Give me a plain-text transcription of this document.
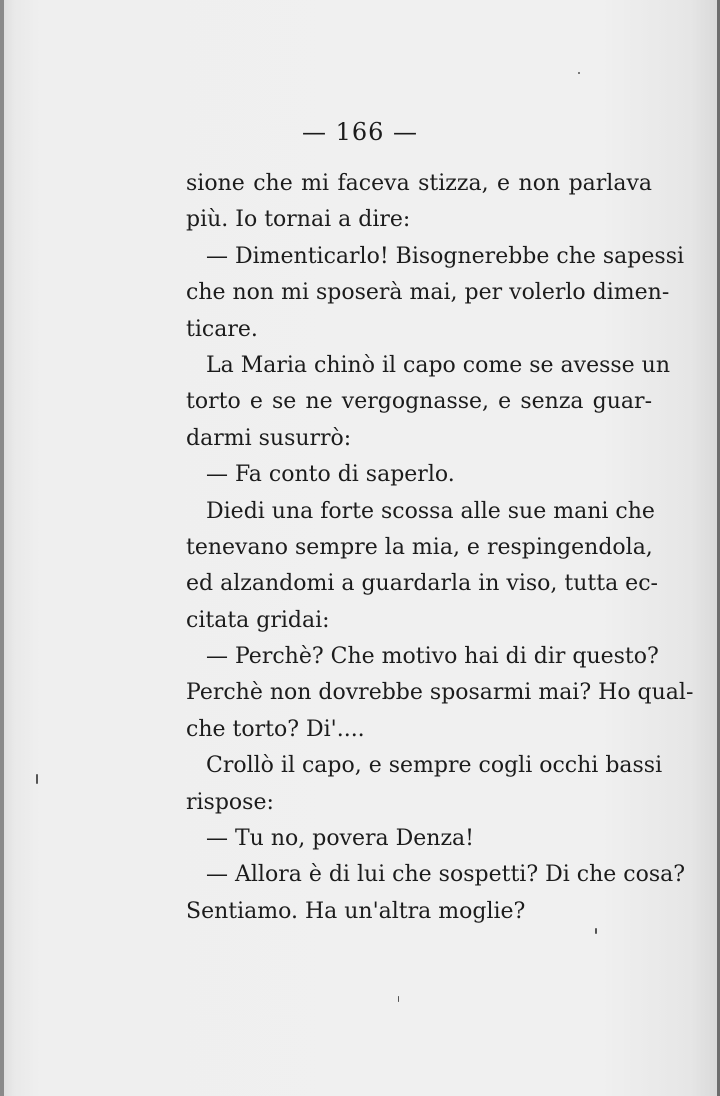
— 166 —
sione che mi faceva stizza, e non parlava
più. Io tornai a dire:
— Dimenticarlo! Bisognerebbe che sapessi
che non mi sposerà mai, per volerlo dimen-
ticare.
La Maria chinò il capo come se avesse un
torto e se ne vergognasse, e senza guar-
darmi susurrò:
— Fa conto di saperlo.
Diedi una forte scossa alle sue mani che
tenevano sempre la mia, e respingendola,
ed alzandomi a guardarla in viso, tutta ec-
citata gridai:
— Perchè? Che motivo hai di dir questo?
Perchè non dovrebbe sposarmi mai? Ho qual-
che torto? Di'....
Crollò il capo, e sempre cogli occhi bassi
rispose:
— Tu no, povera Denza!
— Allora è di lui che sospetti? Di che cosa?
Sentiamo. Ha un'altra moglie?
